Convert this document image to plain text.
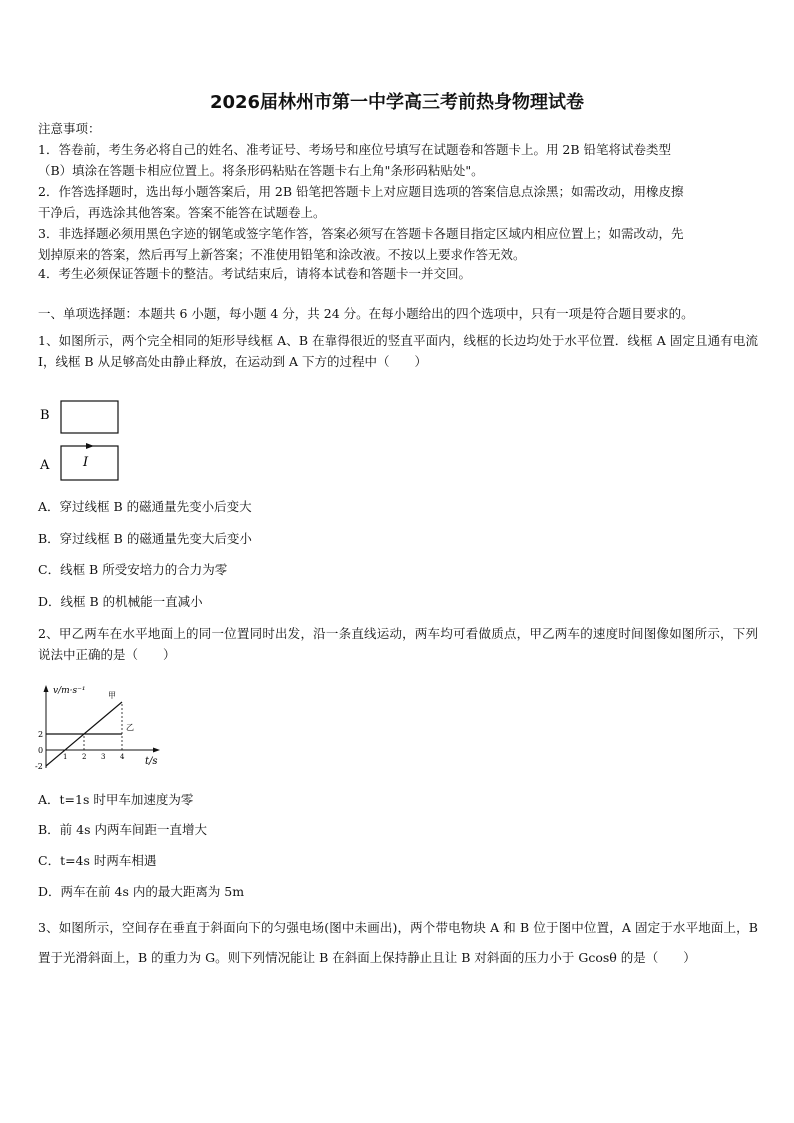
2026届林州市第一中学高三考前热身物理试卷
注意事项：
1．答卷前，考生务必将自己的姓名、准考证号、考场号和座位号填写在试题卷和答题卡上。用 2B 铅笔将试卷类型
（B）填涂在答题卡相应位置上。将条形码粘贴在答题卡右上角"条形码粘贴处"。
2．作答选择题时，选出每小题答案后，用 2B 铅笔把答题卡上对应题目选项的答案信息点涂黑；如需改动，用橡皮擦
干净后，再选涂其他答案。答案不能答在试题卷上。
3．非选择题必须用黑色字迹的钢笔或签字笔作答，答案必须写在答题卡各题目指定区域内相应位置上；如需改动，先
划掉原来的答案，然后再写上新答案；不准使用铅笔和涂改液。不按以上要求作答无效。
4．考生必须保证答题卡的整洁。考试结束后，请将本试卷和答题卡一并交回。
一、单项选择题：本题共 6 小题，每小题 4 分，共 24 分。在每小题给出的四个选项中，只有一项是符合题目要求的。
1、如图所示，两个完全相同的矩形导线框 A、B 在靠得很近的竖直平面内，线框的长边均处于水平位置．线框 A 固定且通有电流 I，线框 B 从足够高处由静止释放，在运动到 A 下方的过程中（　　）
B
A	I
A．穿过线框 B 的磁通量先变小后变大
B．穿过线框 B 的磁通量先变大后变小
C．线框 B 所受安培力的合力为零
D．线框 B 的机械能一直减小
2、甲乙两车在水平地面上的同一位置同时出发，沿一条直线运动，两车均可看做质点，甲乙两车的速度时间图像如图所示，下列说法中正确的是（　　）
v/m·s⁻¹
t/s
甲
乙
1 2 3 4
2
0
-2
A．t=1s 时甲车加速度为零
B．前 4s 内两车间距一直增大
C．t=4s 时两车相遇
D．两车在前 4s 内的最大距离为 5m
3、如图所示，空间存在垂直于斜面向下的匀强电场(图中未画出)，两个带电物块 A 和 B 位于图中位置，A 固定于水平地面上，B 置于光滑斜面上，B 的重力为 G。则下列情况能让 B 在斜面上保持静止且让 B 对斜面的压力小于 Gcosθ 的是（　　）
